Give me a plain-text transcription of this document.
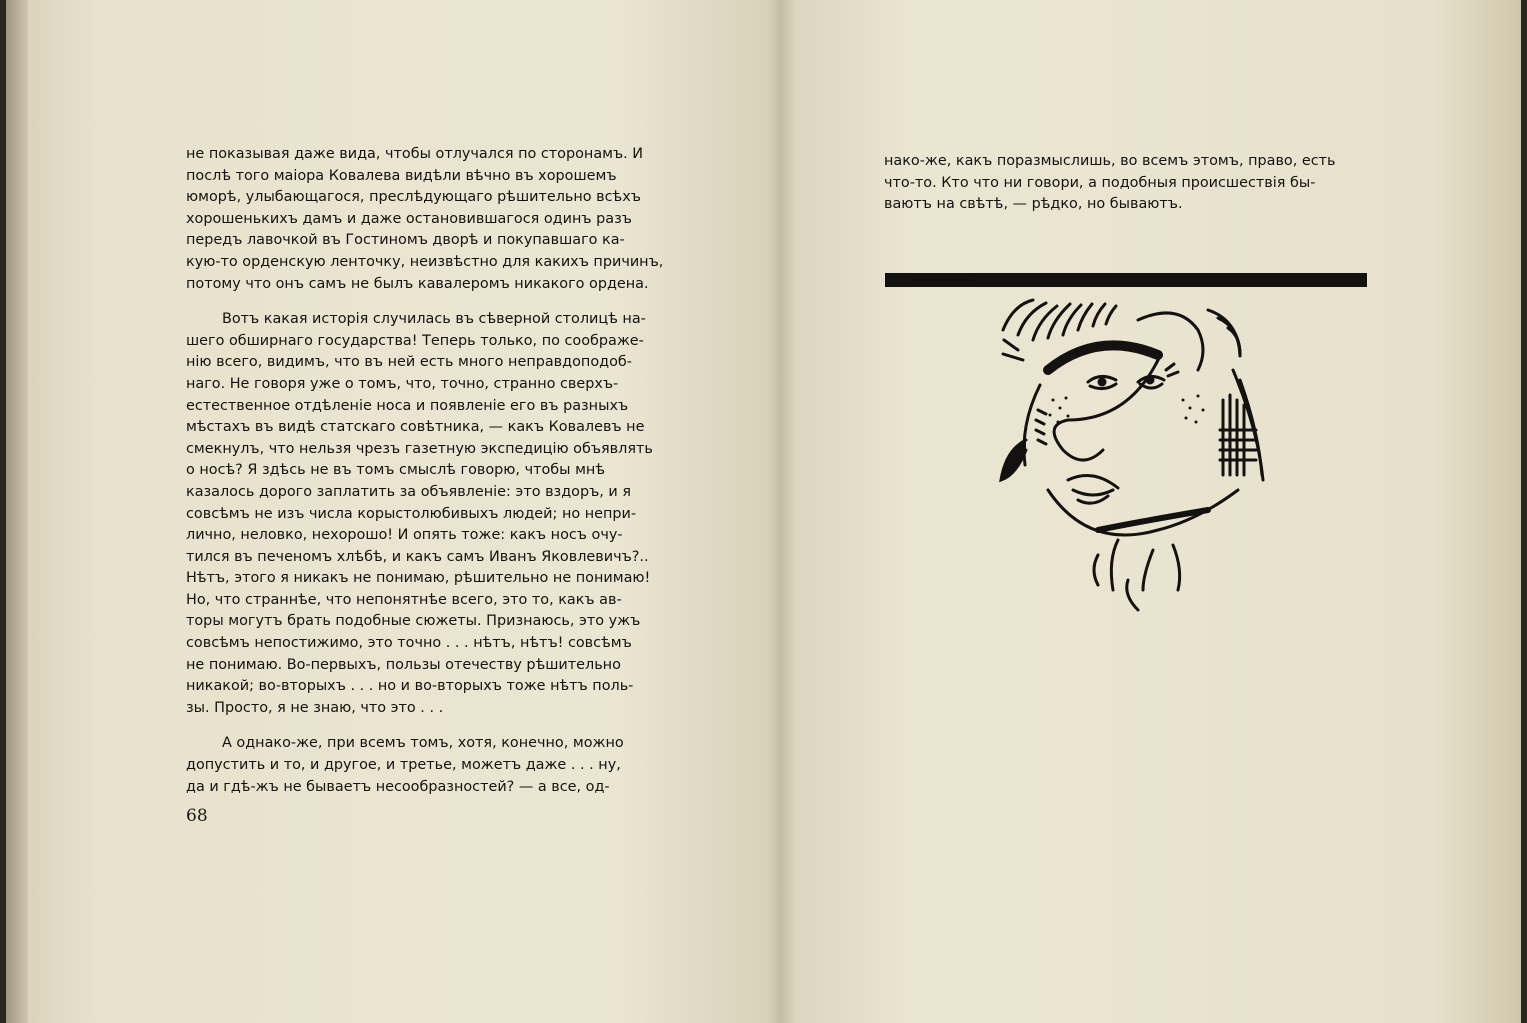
не показывая даже вида, чтобы отлучался по сторонамъ. И
послѣ того маіора Ковалева видѣли вѣчно въ хорошемъ
юморѣ, улыбающагося, преслѣдующаго рѣшительно всѣхъ
хорошенькихъ дамъ и даже остановившагося одинъ разъ
передъ лавочкой въ Гостиномъ дворѣ и покупавшаго ка-
кую-то орденскую ленточку, неизвѣстно для какихъ причинъ,
потому что онъ самъ не былъ кавалеромъ никакого ордена.

Вотъ какая исторія случилась въ сѣверной столицѣ на-
шего обширнаго государства! Теперь только, по соображе-
нію всего, видимъ, что въ ней есть много неправдоподоб-
наго. Не говоря уже о томъ, что, точно, странно сверхъ-
естественное отдѣленіе носа и появленіе его въ разныхъ
мѣстахъ въ видѣ статскаго совѣтника, — какъ Ковалевъ не
смекнулъ, что нельзя чрезъ газетную экспедицію объявлять
о носѣ? Я здѣсь не въ томъ смыслѣ говорю, чтобы мнѣ
казалось дорого заплатить за объявленіе: это вздоръ, и я
совсѣмъ не изъ числа корыстолюбивыхъ людей; но непри-
лично, неловко, нехорошо! И опять тоже: какъ носъ очу-
тился въ печеномъ хлѣбѣ, и какъ самъ Иванъ Яковлевичъ?..
Нѣтъ, этого я никакъ не понимаю, рѣшительно не понимаю!
Но, что страннѣе, что непонятнѣе всего, это то, какъ ав-
торы могутъ брать подобные сюжеты. Признаюсь, это ужъ
совсѣмъ непостижимо, это точно . . . нѣтъ, нѣтъ! совсѣмъ
не понимаю. Во-первыхъ, пользы отечеству рѣшительно
никакой; во-вторыхъ . . . но и во-вторыхъ тоже нѣтъ поль-
зы. Просто, я не знаю, что это . . .

А однако-же, при всемъ томъ, хотя, конечно, можно
допустить и то, и другое, и третье, можетъ даже . . . ну,
да и гдѣ-жъ не бываетъ несообразностей? — а все, од-

68
нако-же, какъ поразмыслишь, во всемъ этомъ, право, есть
что-то. Кто что ни говори, а подобныя происшествія бы-
ваютъ на свѣтѣ, — рѣдко, но бываютъ.
